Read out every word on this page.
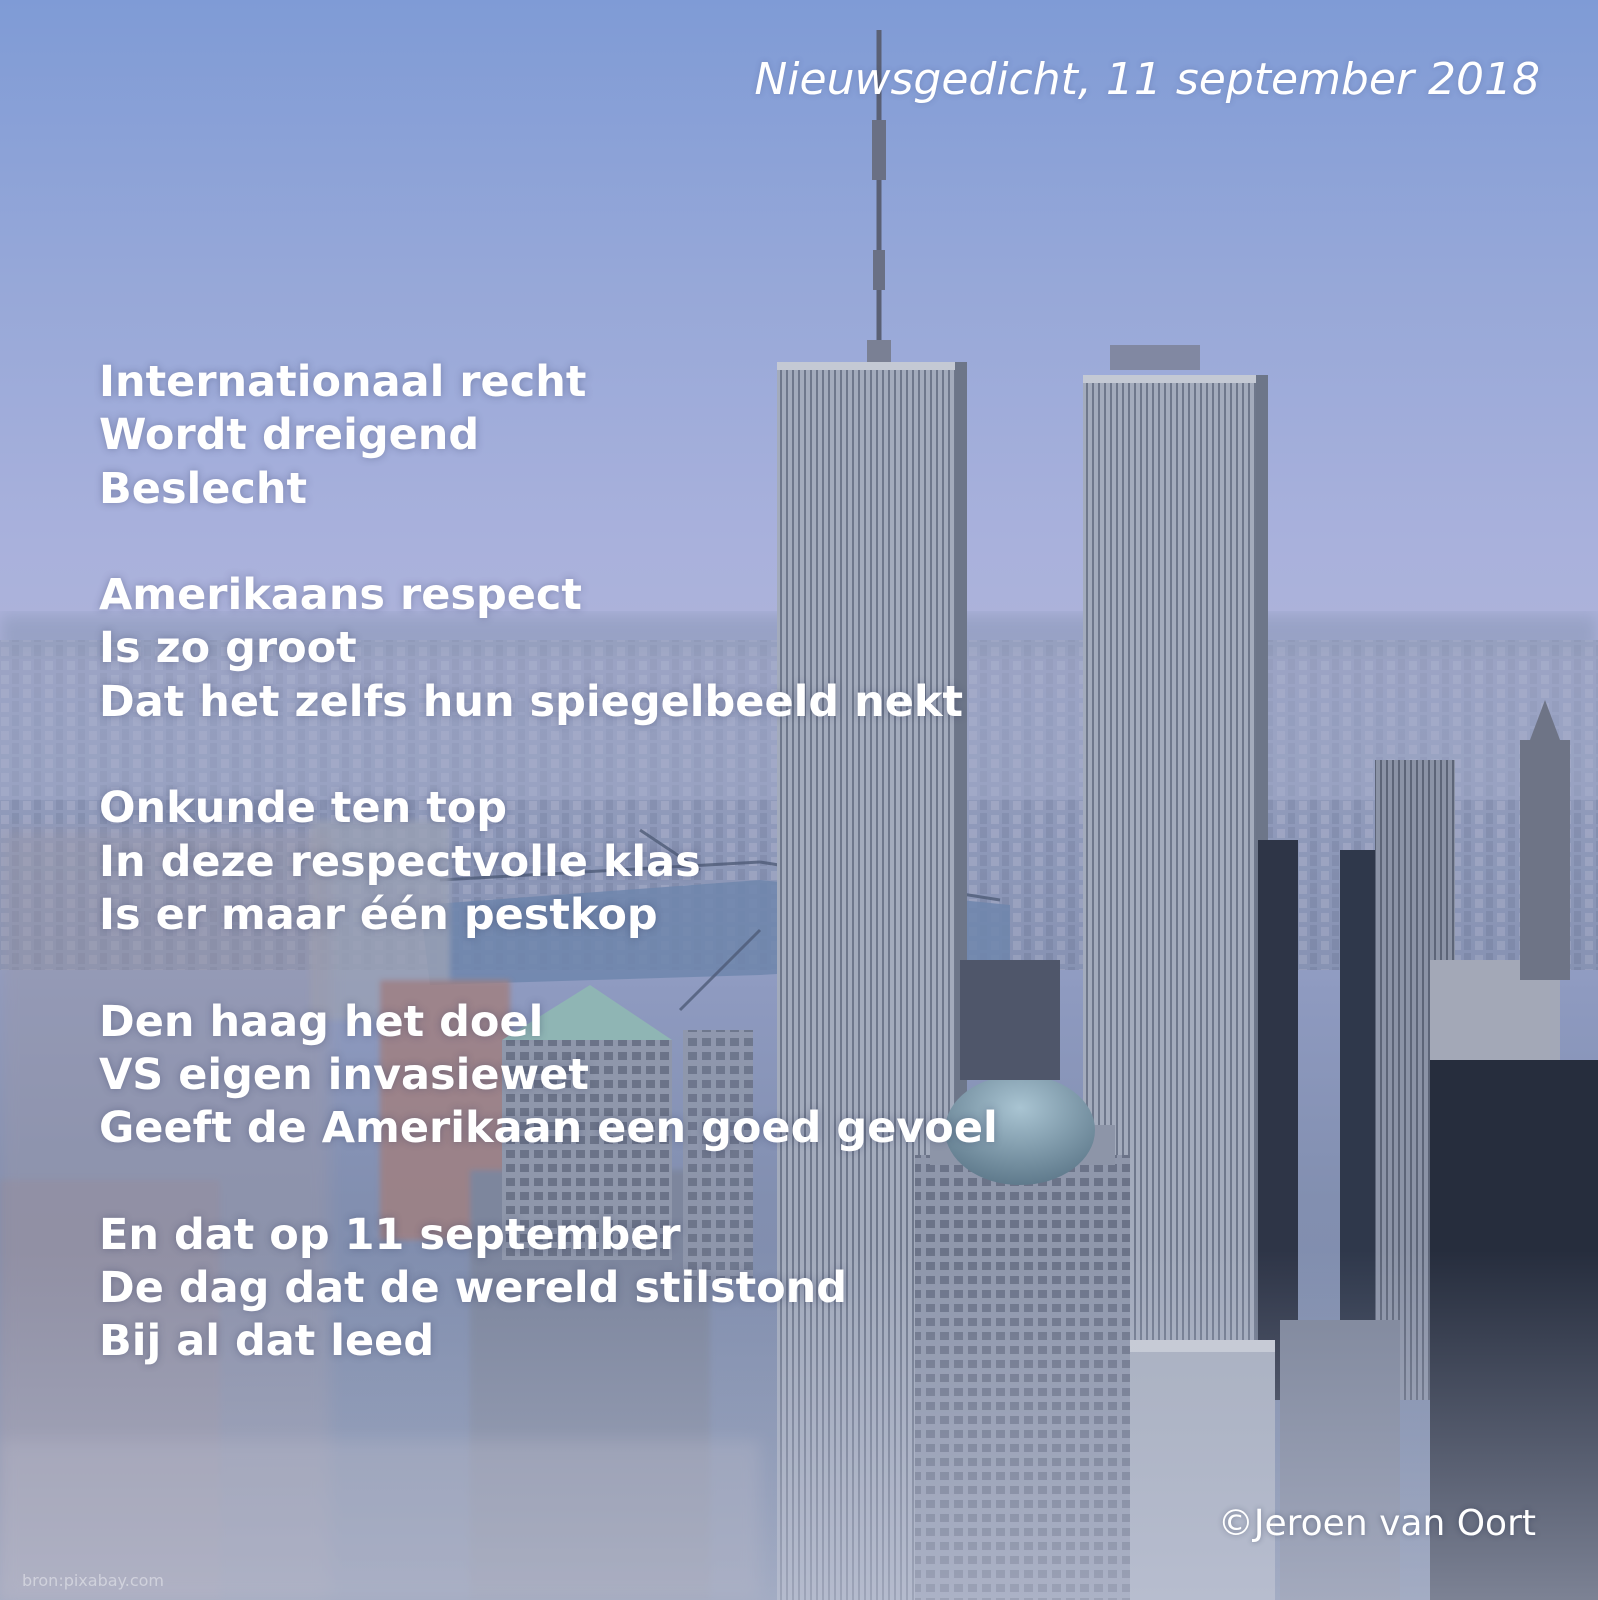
Nieuwsgedicht, 11 september 2018
Internationaal recht
Wordt dreigend
Beslecht
Amerikaans respect
Is zo groot
Dat het zelfs hun spiegelbeeld nekt
Onkunde ten top
In deze respectvolle klas
Is er maar één pestkop
Den haag het doel
VS eigen invasiewet
Geeft de Amerikaan een goed gevoel
En dat op 11 september
De dag dat de wereld stilstond
Bij al dat leed
©Jeroen van Oort
bron:pixabay.com
